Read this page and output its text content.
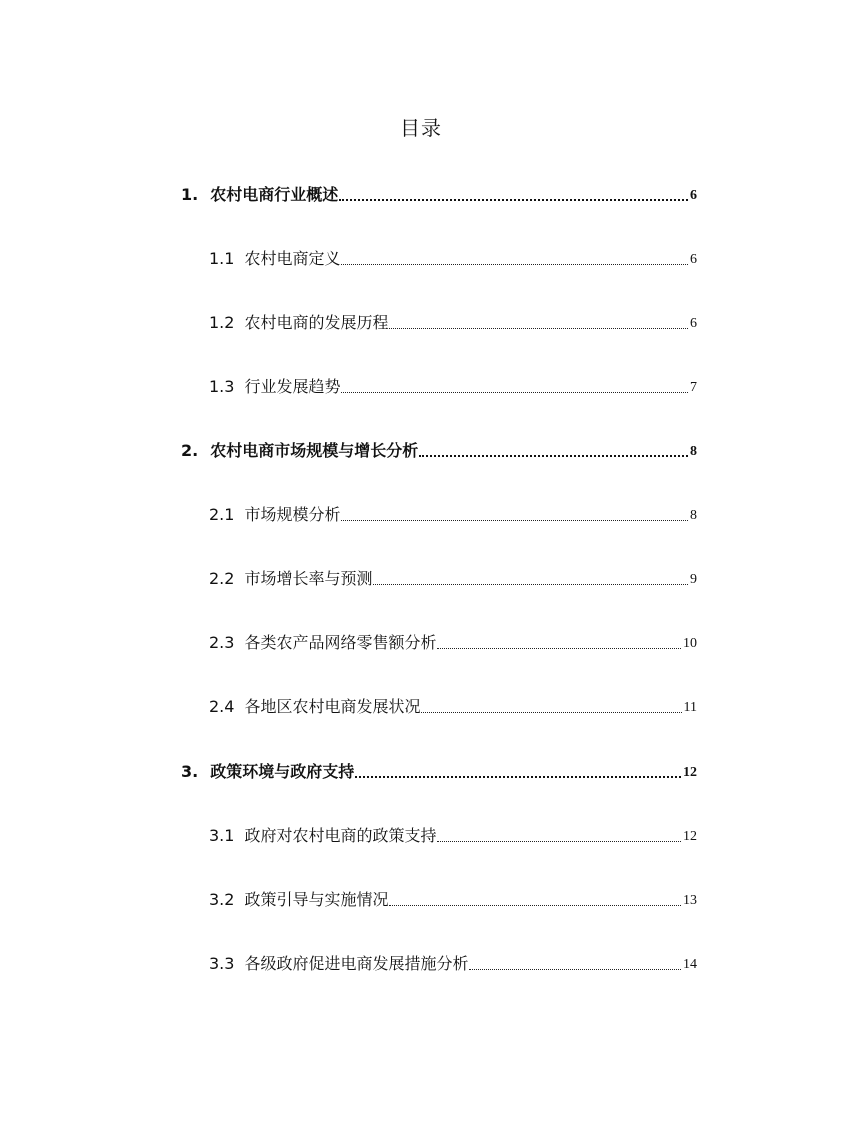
目录
1. 农村电商行业概述	6
1.1 农村电商定义	6
1.2 农村电商的发展历程	6
1.3 行业发展趋势	7
2. 农村电商市场规模与增长分析	8
2.1 市场规模分析	8
2.2 市场增长率与预测	9
2.3 各类农产品网络零售额分析	10
2.4 各地区农村电商发展状况	11
3. 政策环境与政府支持	12
3.1 政府对农村电商的政策支持	12
3.2 政策引导与实施情况	13
3.3 各级政府促进电商发展措施分析	14
